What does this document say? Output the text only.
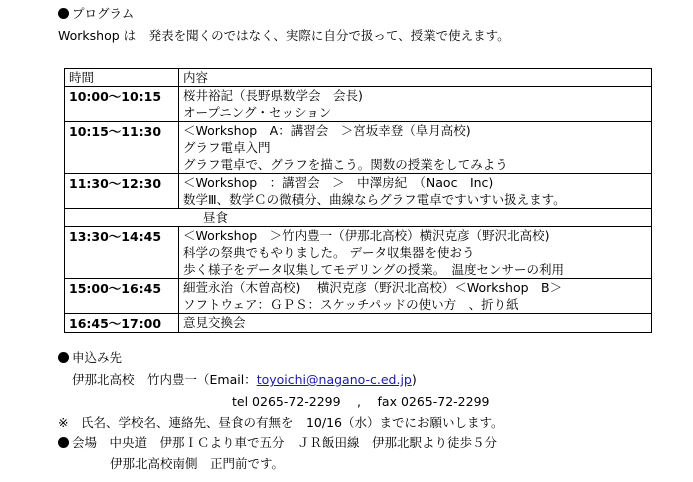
プログラム
Workshop は　発表を聞くのではなく、実際に自分で扱って、授業で使えます。
時間	内容
10:00～10:15	桜井裕記（長野県数学会　会長)
オープニング・セッション

10:15～11:30	＜Workshop　A：講習会　＞宮坂幸登（阜月高校)
グラフ電卓入門
グラフ電卓で、グラフを描こう。関数の授業をしてみよう

11:30～12:30	＜Workshop　：講習会　＞　中澤房紀　（Naoc　Inc)
数学Ⅲ、数学Ｃの微積分、曲線ならグラフ電卓ですいすい扱えます。

昼食	
13:30～14:45	＜Workshop　＞竹内豊一（伊那北高校）横沢克彦（野沢北高校)
科学の祭典でもやりました。 データ収集器を使おう
歩く様子をデータ収集してモデリングの授業。　温度センサーの利用

15:00～16:45	細萱永治（木曽高校)　 横沢克彦（野沢北高校）＜Workshop　B＞
ソフトウェア：ＧＰＳ：スケッチパッドの使い方　、折り紙

16:45～17:00	意見交換会
申込み先
伊那北高校　竹内豊一（Email：toyoichi@nagano-c.ed.jp)
tel 0265-72-2299　 ,　 fax 0265-72-2299
※　氏名、学校名、連絡先、昼食の有無を　10/16（水）までにお願いします。
会場　中央道　伊那ＩＣより車で五分　ＪＲ飯田線　伊那北駅より徒歩５分
伊那北高校南側　正門前です。
